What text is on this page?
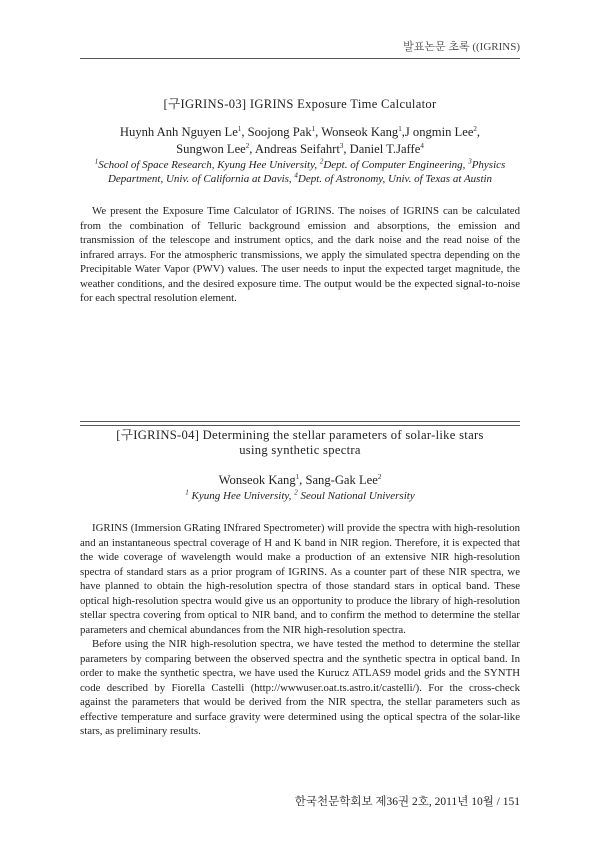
발표논문 초록 ((IGRINS)
[구IGRINS-03] IGRINS Exposure Time Calculator
Huynh Anh Nguyen Le$^1$, Soojong Pak$^1$, Wonseok Kang$^1$,J ongmin Lee$^2$,
Sungwon Lee$^2$, Andreas Seifahrt$^3$, Daniel T.Jaffe$^4$
$^1$School of Space Research, Kyung Hee University, $^2$Dept. of Computer Engineering, $^3$Physics Department, Univ. of California at Davis, $^4$Dept. of Astronomy, Univ. of Texas at Austin

We present the Exposure Time Calculator of IGRINS. The noises of IGRINS can be calculated from the combination of Telluric background emission and absorptions, the emission and transmission of the telescope and instrument optics, and the dark noise and the read noise of the infrared arrays. For the atmospheric transmissions, we apply the simulated spectra depending on the Precipitable Water Vapor (PWV) values. The user needs to input the expected target magnitude, the weather conditions, and the desired exposure time. The output would be the expected signal-to-noise for each spectral resolution element.

[구IGRINS-04] Determining the stellar parameters of solar-like stars
using synthetic spectra
Wonseok Kang$^1$, Sang-Gak Lee$^2$
$^1$ Kyung Hee University, $^2$ Seoul National University

IGRINS (Immersion GRating INfrared Spectrometer) will provide the spectra with high-resolution and an instantaneous spectral coverage of H and K band in NIR region. Therefore, it is expected that the wide coverage of wavelength would make a production of an extensive NIR high-resolution spectra of standard stars as a prior program of IGRINS. As a counter part of these NIR spectra, we have planned to obtain the high-resolution spectra of those standard stars in optical band. These optical high-resolution spectra would give us an opportunity to produce the library of high-resolution stellar spectra covering from optical to NIR band, and to confirm the method to determine the stellar parameters and chemical abundances from the NIR high-resolution spectra.

Before using the NIR high-resolution spectra, we have tested the method to determine the stellar parameters by comparing between the observed spectra and the synthetic spectra in optical band. In order to make the synthetic spectra, we have used the Kurucz ATLAS9 model grids and the SYNTH code described by Fiorella Castelli (http://wwwuser.oat.ts.astro.it/castelli/). For the cross-check against the parameters that would be derived from the NIR spectra, the stellar parameters such as effective temperature and surface gravity were determined using the optical spectra of the solar-like stars, as preliminary results.

한국천문학회보 제36권 2호, 2011년 10월 / 151
